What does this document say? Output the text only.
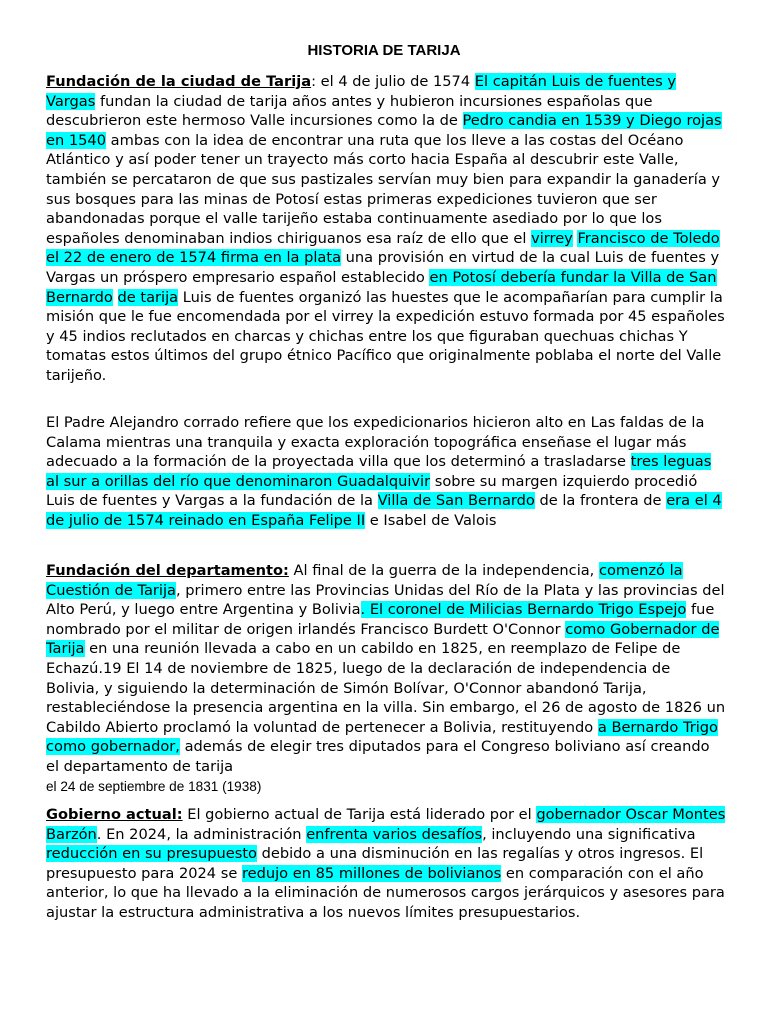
HISTORIA DE TARIJA

Fundación de la ciudad de Tarija: el 4 de julio de 1574 El capitán Luis de fuentes y Vargas fundan la ciudad de tarija años antes y hubieron incursiones españolas que descubrieron este hermoso Valle incursiones como la de Pedro candia en 1539 y Diego rojas en 1540 ambas con la idea de encontrar una ruta que los lleve a las costas del Océano Atlántico y así poder tener un trayecto más corto hacia España al descubrir este Valle, también se percataron de que sus pastizales servían muy bien para expandir la ganadería y sus bosques para las minas de Potosí estas primeras expediciones tuvieron que ser abandonadas porque el valle tarijeño estaba continuamente asediado por lo que los españoles denominaban indios chiriguanos esa raíz de ello que el virrey Francisco de Toledo el 22 de enero de 1574 firma en la plata una provisión en virtud de la cual Luis de fuentes y Vargas un próspero empresario español establecido en Potosí debería fundar la Villa de San Bernardo de tarija Luis de fuentes organizó las huestes que le acompañarían para cumplir la misión que le fue encomendada por el virrey la expedición estuvo formada por 45 españoles y 45 indios reclutados en charcas y chichas entre los que figuraban quechuas chichas Y tomatas estos últimos del grupo étnico Pacífico que originalmente poblaba el norte del Valle tarijeño.

El Padre Alejandro corrado refiere que los expedicionarios hicieron alto en Las faldas de la Calama mientras una tranquila y exacta exploración topográfica enseñase el lugar más adecuado a la formación de la proyectada villa que los determinó a trasladarse tres leguas al sur a orillas del río que denominaron Guadalquivir sobre su margen izquierdo procedió Luis de fuentes y Vargas a la fundación de la Villa de San Bernardo de la frontera de era el 4 de julio de 1574 reinado en España Felipe II e Isabel de Valois

Fundación del departamento: Al final de la guerra de la independencia, comenzó la Cuestión de Tarija, primero entre las Provincias Unidas del Río de la Plata y las provincias del Alto Perú, y luego entre Argentina y Bolivia. El coronel de Milicias Bernardo Trigo Espejo fue nombrado por el militar de origen irlandés Francisco Burdett O'Connor como Gobernador de Tarija en una reunión llevada a cabo en un cabildo en 1825, en reemplazo de Felipe de Echazú.19 El 14 de noviembre de 1825, luego de la declaración de independencia de Bolivia, y siguiendo la determinación de Simón Bolívar, O'Connor abandonó Tarija, restableciéndose la presencia argentina en la villa. Sin embargo, el 26 de agosto de 1826 un Cabildo Abierto proclamó la voluntad de pertenecer a Bolivia, restituyendo a Bernardo Trigo como gobernador, además de elegir tres diputados para el Congreso boliviano así creando el departamento de tarija
el 24 de septiembre de 1831 (1938)

Gobierno actual: El gobierno actual de Tarija está liderado por el gobernador Oscar Montes Barzón. En 2024, la administración enfrenta varios desafíos, incluyendo una significativa reducción en su presupuesto debido a una disminución en las regalías y otros ingresos. El presupuesto para 2024 se redujo en 85 millones de bolivianos en comparación con el año anterior, lo que ha llevado a la eliminación de numerosos cargos jerárquicos y asesores para ajustar la estructura administrativa a los nuevos límites presupuestarios.
